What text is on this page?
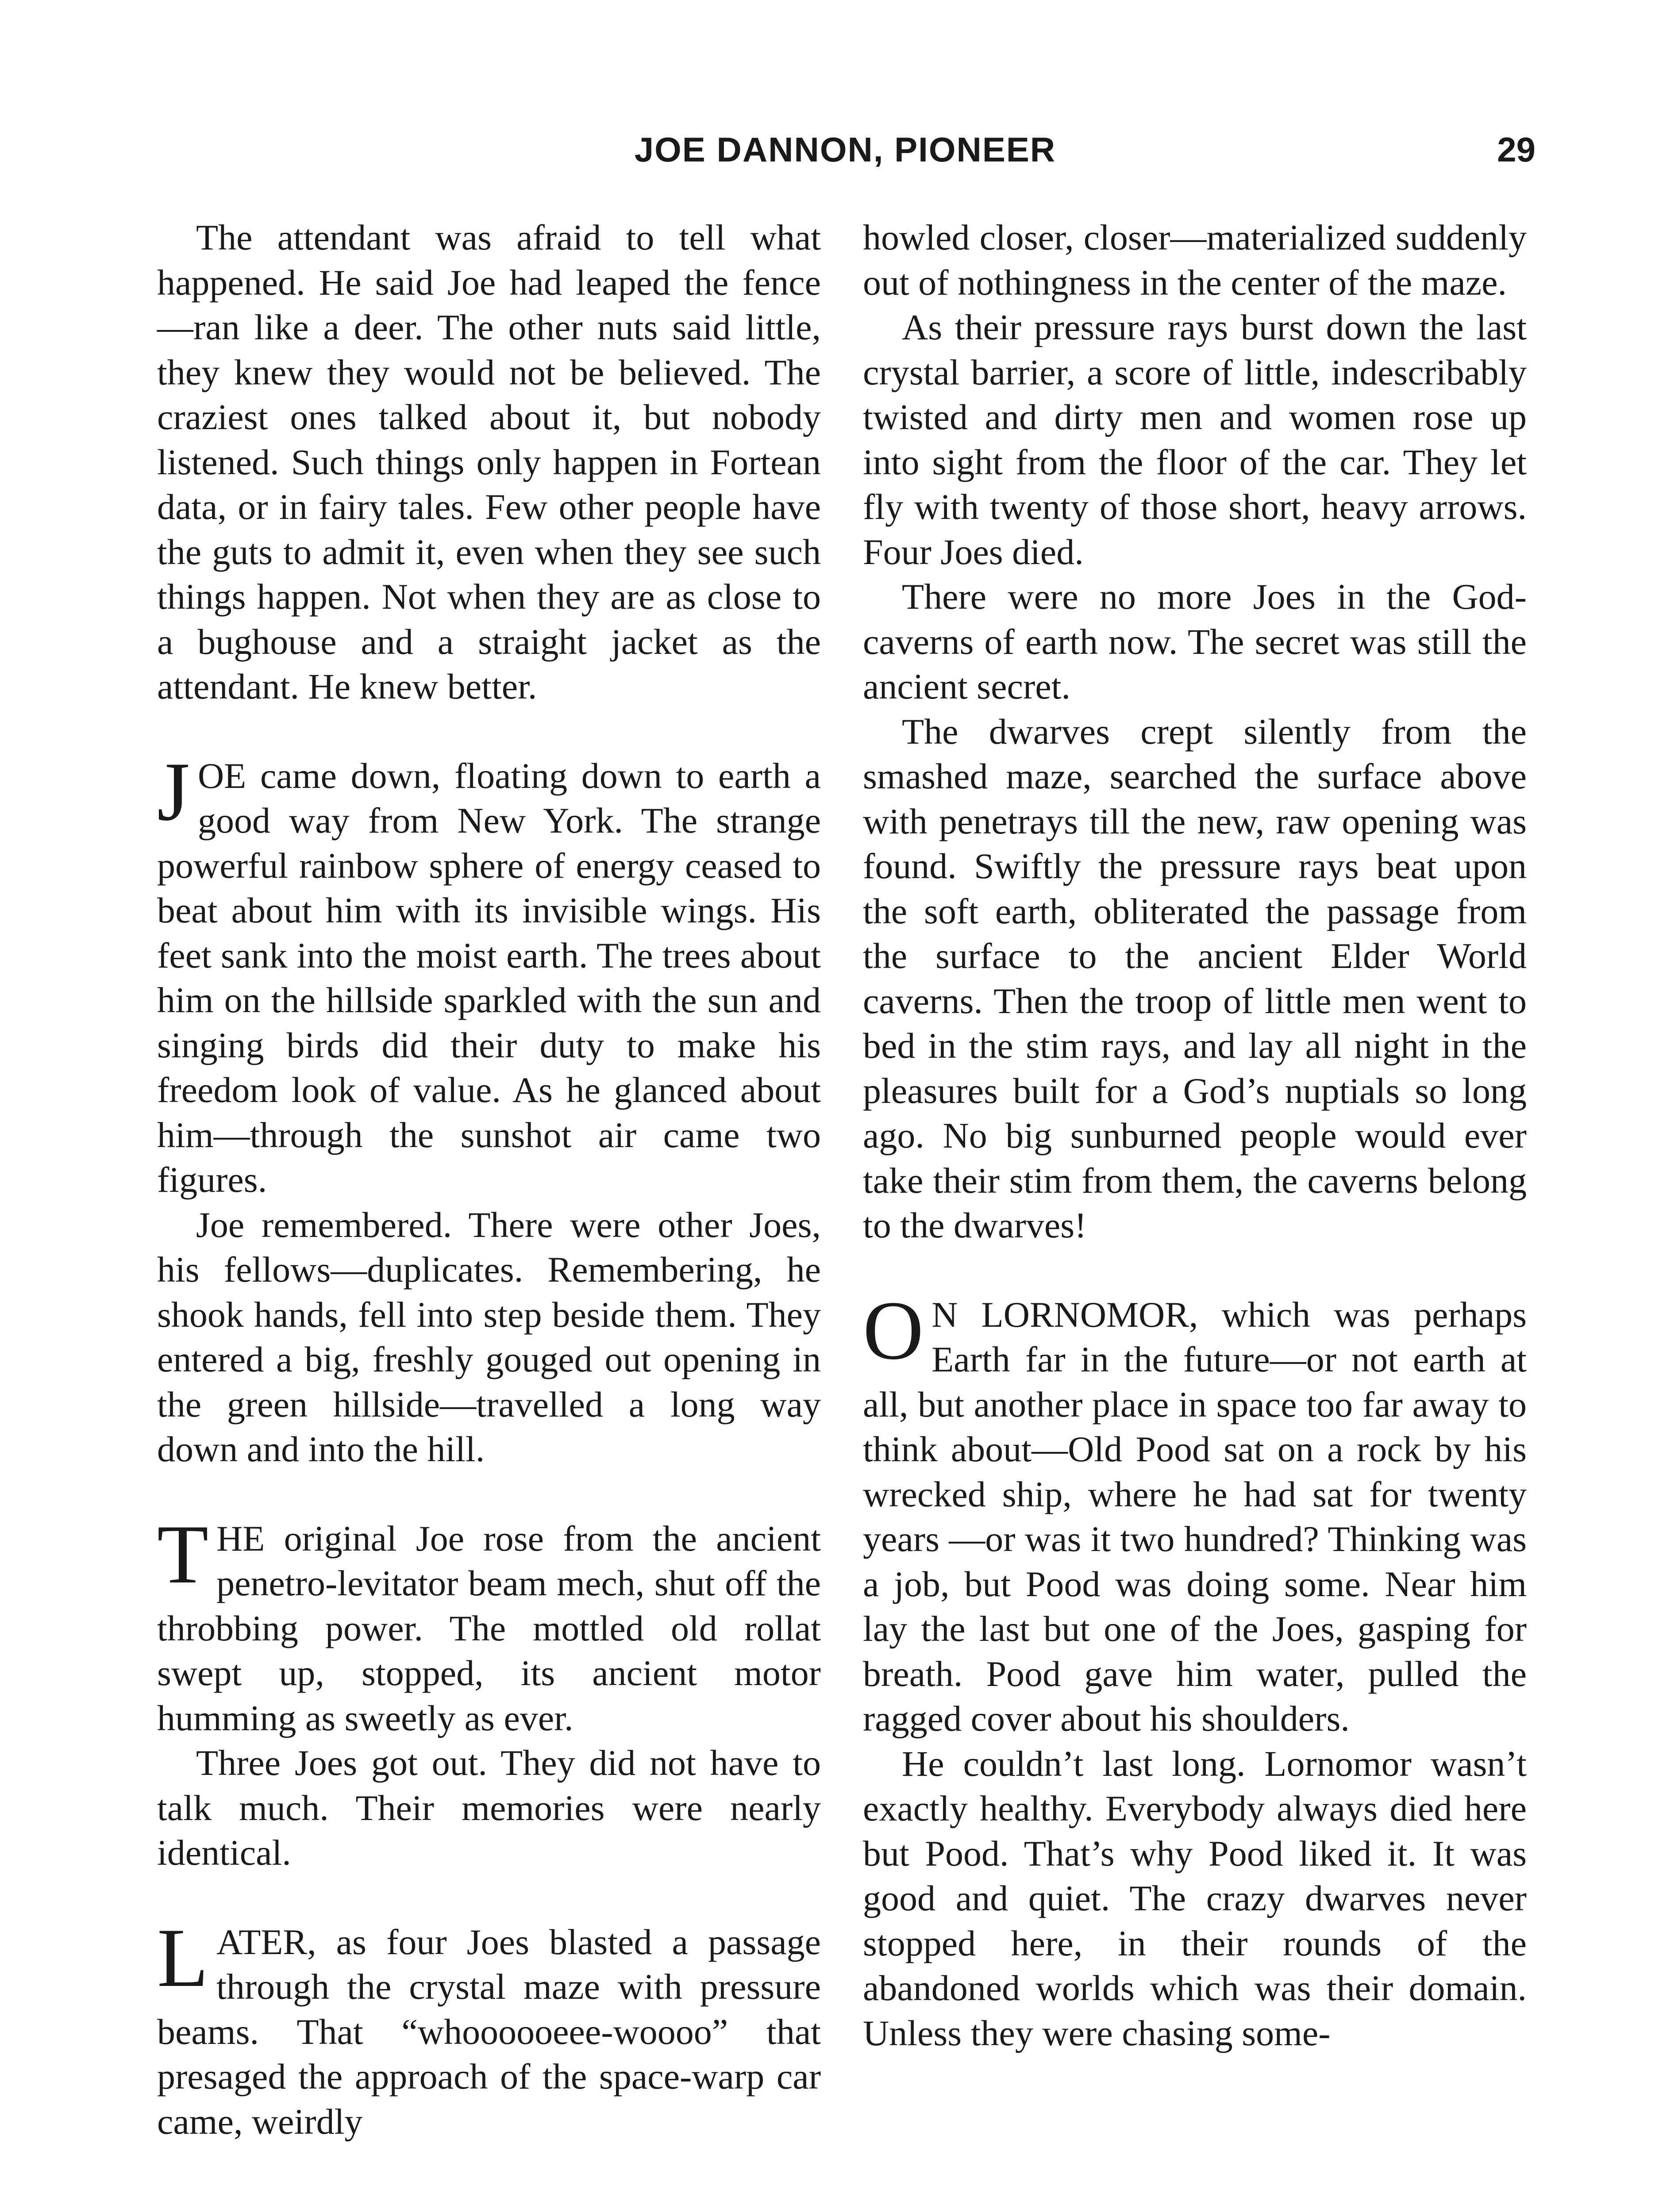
JOE DANNON, PIONEER	29

The attendant was afraid to tell what happened. He said Joe had leaped the fence—ran like a deer. The other nuts said little, they knew they would not be believed. The craziest ones talked about it, but nobody listened. Such things only happen in Fortean data, or in fairy tales. Few other people have the guts to admit it, even when they see such things happen. Not when they are as close to a bughouse and a straight jacket as the attendant. He knew better.

JOE came down, floating down to earth a good way from New York. The strange powerful rainbow sphere of energy ceased to beat about him with its invisible wings. His feet sank into the moist earth. The trees about him on the hillside sparkled with the sun and singing birds did their duty to make his freedom look of value. As he glanced about him—through the sunshot air came two figures.

Joe remembered. There were other Joes, his fellows—duplicates. Remembering, he shook hands, fell into step beside them. They entered a big, freshly gouged out opening in the green hillside—travelled a long way down and into the hill.

THE original Joe rose from the ancient penetro-levitator beam mech, shut off the throbbing power. The mottled old rollat swept up, stopped, its ancient motor humming as sweetly as ever.

Three Joes got out. They did not have to talk much. Their memories were nearly identical.

LATER, as four Joes blasted a passage through the crystal maze with pressure beams. That “whoooooeee-woooo” that presaged the approach of the space-warp car came, weirdly

howled closer, closer—materialized suddenly out of nothingness in the center of the maze.

As their pressure rays burst down the last crystal barrier, a score of little, indescribably twisted and dirty men and women rose up into sight from the floor of the car. They let fly with twenty of those short, heavy arrows. Four Joes died.

There were no more Joes in the God-caverns of earth now. The secret was still the ancient secret.

The dwarves crept silently from the smashed maze, searched the surface above with penetrays till the new, raw opening was found. Swiftly the pressure rays beat upon the soft earth, obliterated the passage from the surface to the ancient Elder World caverns. Then the troop of little men went to bed in the stim rays, and lay all night in the pleasures built for a God’s nuptials so long ago. No big sunburned people would ever take their stim from them, the caverns belong to the dwarves!

O N LORNOMOR, which was perhaps Earth far in the future—or not earth at all, but another place in space too far away to think about—Old Pood sat on a rock by his wrecked ship, where he had sat for twenty years —or was it two hundred? Thinking was a job, but Pood was doing some. Near him lay the last but one of the Joes, gasping for breath. Pood gave him water, pulled the ragged cover about his shoulders.

He couldn’t last long. Lornomor wasn’t exactly healthy. Everybody always died here but Pood. That’s why Pood liked it. It was good and quiet. The crazy dwarves never stopped here, in their rounds of the abandoned worlds which was their domain. Unless they were chasing some-
